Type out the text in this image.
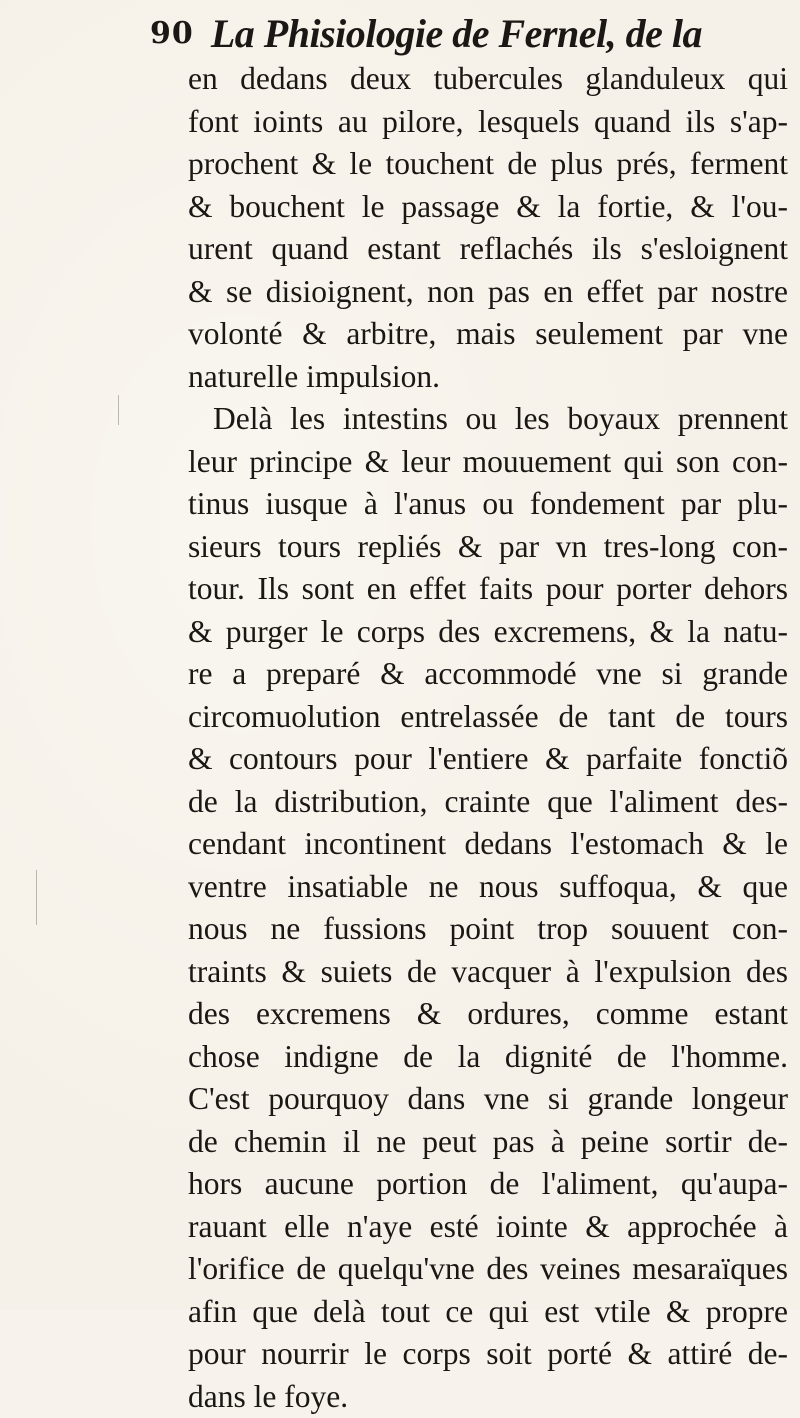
90 La Phisiologie de Fernel, de la
en dedans deux tubercules glanduleux qui
font ioints au pilore, lesquels quand ils s'ap-
prochent & le touchent de plus prés, ferment
& bouchent le passage & la fortie, & l'ou-
urent quand estant reflachés ils s'esloignent
& se disioignent, non pas en effet par nostre
volonté & arbitre, mais seulement par vne
naturelle impulsion.
Delà les intestins ou les boyaux prennent
leur principe & leur mouuement qui son con-
tinus iusque à l'anus ou fondement par plu-
sieurs tours repliés & par vn tres-long con-
tour. Ils sont en effet faits pour porter dehors
& purger le corps des excremens, & la natu-
re a preparé & accommodé vne si grande
circomuolution entrelassée de tant de tours
& contours pour l'entiere & parfaite fonctiõ
de la distribution, crainte que l'aliment des-
cendant incontinent dedans l'estomach & le
ventre insatiable ne nous suffoqua, & que
nous ne fussions point trop souuent con-
traints & suiets de vacquer à l'expulsion des
des excremens & ordures, comme estant
chose indigne de la dignité de l'homme.
C'est pourquoy dans vne si grande longeur
de chemin il ne peut pas à peine sortir de-
hors aucune portion de l'aliment, qu'aupa-
rauant elle n'aye esté iointe & approchée à
l'orifice de quelqu'vne des veines mesaraïques
afin que delà tout ce qui est vtile & propre
pour nourrir le corps soit porté & attiré de-
dans le foye.
